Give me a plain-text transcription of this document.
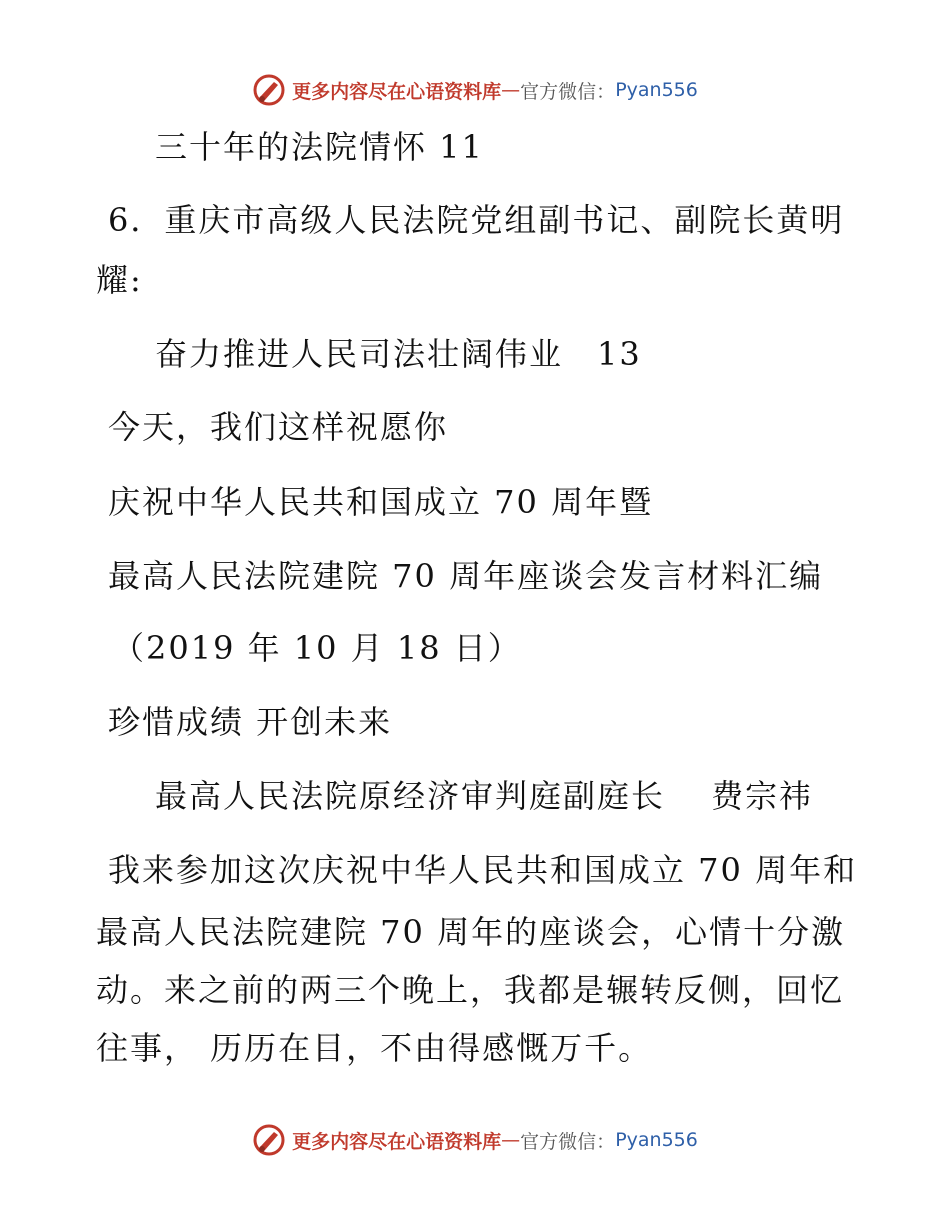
更多内容尽在心语资料库 — 官方微信： Pyan556
三十年的法院情怀 11
6．重庆市高级人民法院党组副书记、副院长黄明
耀:
奋力推进人民司法壮阔伟业　13
今天，我们这样祝愿你
庆祝中华人民共和国成立 70 周年暨
最高人民法院建院 70 周年座谈会发言材料汇编
（2019 年 10 月 18 日）
珍惜成绩 开创未来
最高人民法院原经济审判庭副庭长　 费宗祎
我来参加这次庆祝中华人民共和国成立 70 周年和
最高人民法院建院 70 周年的座谈会，心情十分激
动。来之前的两三个晚上，我都是辗转反侧，回忆
往事， 历历在目，不由得感慨万千。
更多内容尽在心语资料库 — 官方微信： Pyan556
